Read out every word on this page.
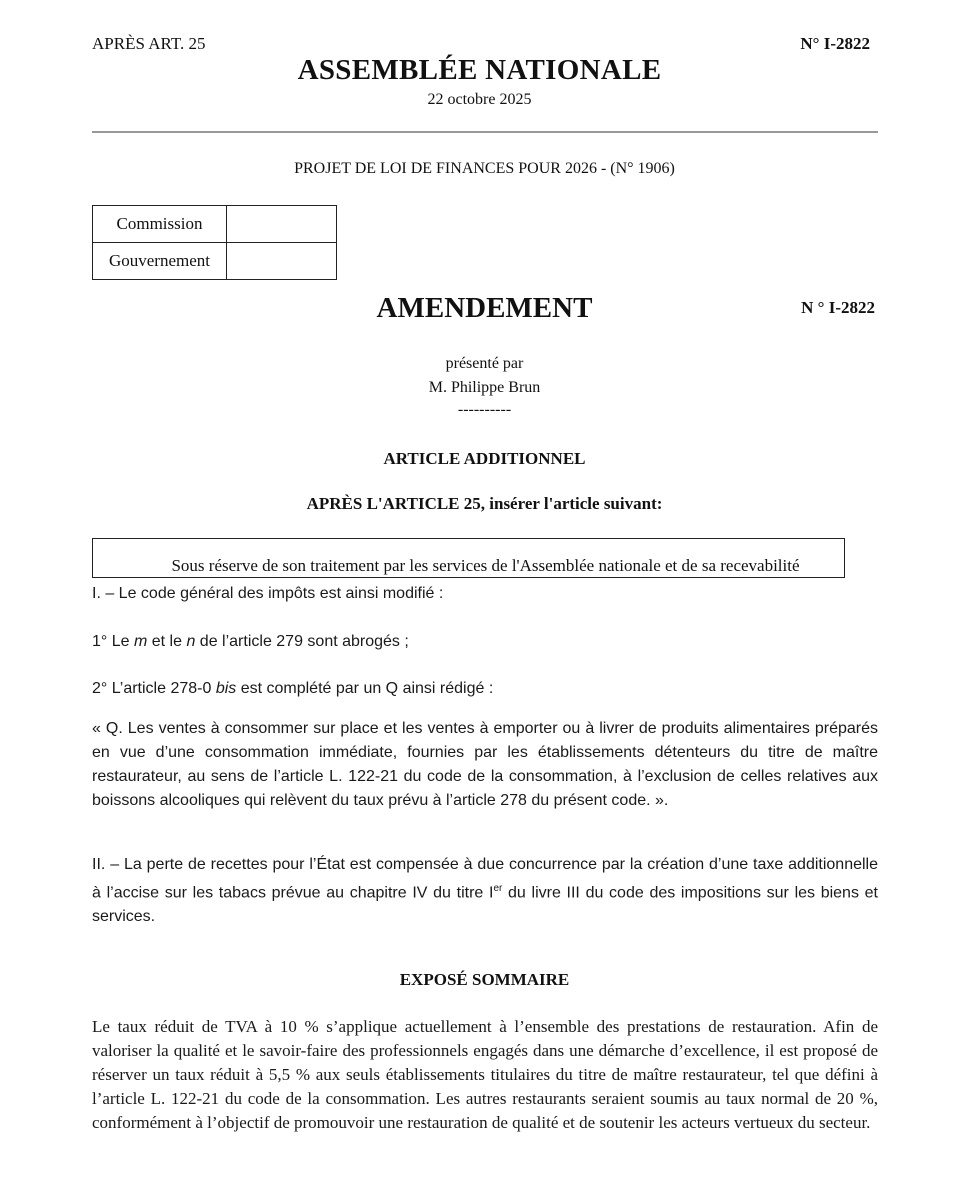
APRÈS ART. 25	N° I-2822
ASSEMBLÉE NATIONALE
22 octobre 2025
PROJET DE LOI DE FINANCES POUR 2026 - (N° 1906)
Commission	
Gouvernement	
AMENDEMENT	N ° I-2822
présenté par
M. Philippe Brun
----------
ARTICLE ADDITIONNEL
APRÈS L'ARTICLE 25, insérer l'article suivant:
Sous réserve de son traitement par les services de l'Assemblée nationale et de sa recevabilité
I. – Le code général des impôts est ainsi modifié :
1° Le m et le n de l’article 279 sont abrogés ;
2° L’article 278-0 bis est complété par un Q ainsi rédigé :
« Q. Les ventes à consommer sur place et les ventes à emporter ou à livrer de produits alimentaires préparés en vue d’une consommation immédiate, fournies par les établissements détenteurs du titre de maître restaurateur, au sens de l’article L. 122-21 du code de la consommation, à l’exclusion de celles relatives aux boissons alcooliques qui relèvent du taux prévu à l’article 278 du présent code. ».
II. – La perte de recettes pour l’État est compensée à due concurrence par la création d’une taxe additionnelle à l’accise sur les tabacs prévue au chapitre IV du titre Ier du livre III du code des impositions sur les biens et services.
EXPOSÉ SOMMAIRE
Le taux réduit de TVA à 10 % s’applique actuellement à l’ensemble des prestations de restauration. Afin de valoriser la qualité et le savoir-faire des professionnels engagés dans une démarche d’excellence, il est proposé de réserver un taux réduit à 5,5 % aux seuls établissements titulaires du titre de maître restaurateur, tel que défini à l’article L. 122-21 du code de la consommation. Les autres restaurants seraient soumis au taux normal de 20 %, conformément à l’objectif de promouvoir une restauration de qualité et de soutenir les acteurs vertueux du secteur.
